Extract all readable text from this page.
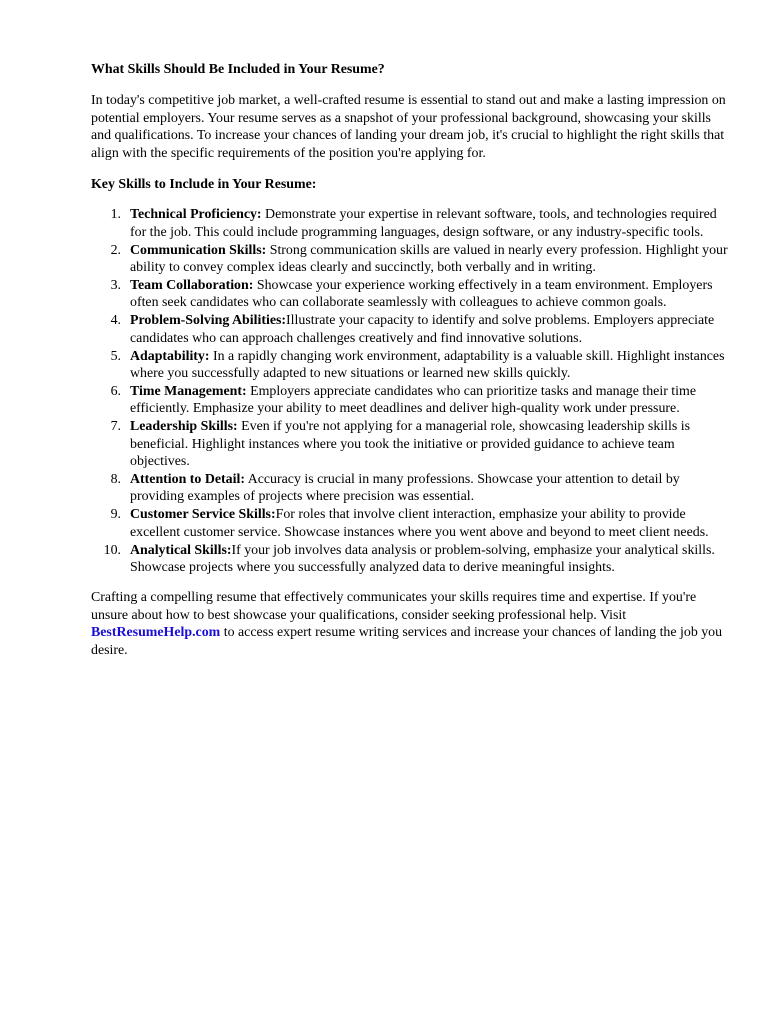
What Skills Should Be Included in Your Resume?

In today's competitive job market, a well-crafted resume is essential to stand out and make a lasting impression on potential employers. Your resume serves as a snapshot of your professional background, showcasing your skills and qualifications. To increase your chances of landing your dream job, it's crucial to highlight the right skills that align with the specific requirements of the position you're applying for.

Key Skills to Include in Your Resume:
1. Technical Proficiency: Demonstrate your expertise in relevant software, tools, and technologies required for the job. This could include programming languages, design software, or any industry-specific tools.
2. Communication Skills: Strong communication skills are valued in nearly every profession. Highlight your ability to convey complex ideas clearly and succinctly, both verbally and in writing.
3. Team Collaboration: Showcase your experience working effectively in a team environment. Employers often seek candidates who can collaborate seamlessly with colleagues to achieve common goals.
4. Problem-Solving Abilities:Illustrate your capacity to identify and solve problems. Employers appreciate candidates who can approach challenges creatively and find innovative solutions.
5. Adaptability: In a rapidly changing work environment, adaptability is a valuable skill. Highlight instances where you successfully adapted to new situations or learned new skills quickly.
6. Time Management: Employers appreciate candidates who can prioritize tasks and manage their time efficiently. Emphasize your ability to meet deadlines and deliver high-quality work under pressure.
7. Leadership Skills: Even if you're not applying for a managerial role, showcasing leadership skills is beneficial. Highlight instances where you took the initiative or provided guidance to achieve team objectives.
8. Attention to Detail: Accuracy is crucial in many professions. Showcase your attention to detail by providing examples of projects where precision was essential.
9. Customer Service Skills:For roles that involve client interaction, emphasize your ability to provide excellent customer service. Showcase instances where you went above and beyond to meet client needs.
10. Analytical Skills:If your job involves data analysis or problem-solving, emphasize your analytical skills. Showcase projects where you successfully analyzed data to derive meaningful insights.

Crafting a compelling resume that effectively communicates your skills requires time and expertise. If you're unsure about how to best showcase your qualifications, consider seeking professional help. Visit BestResumeHelp.com to access expert resume writing services and increase your chances of landing the job you desire.
